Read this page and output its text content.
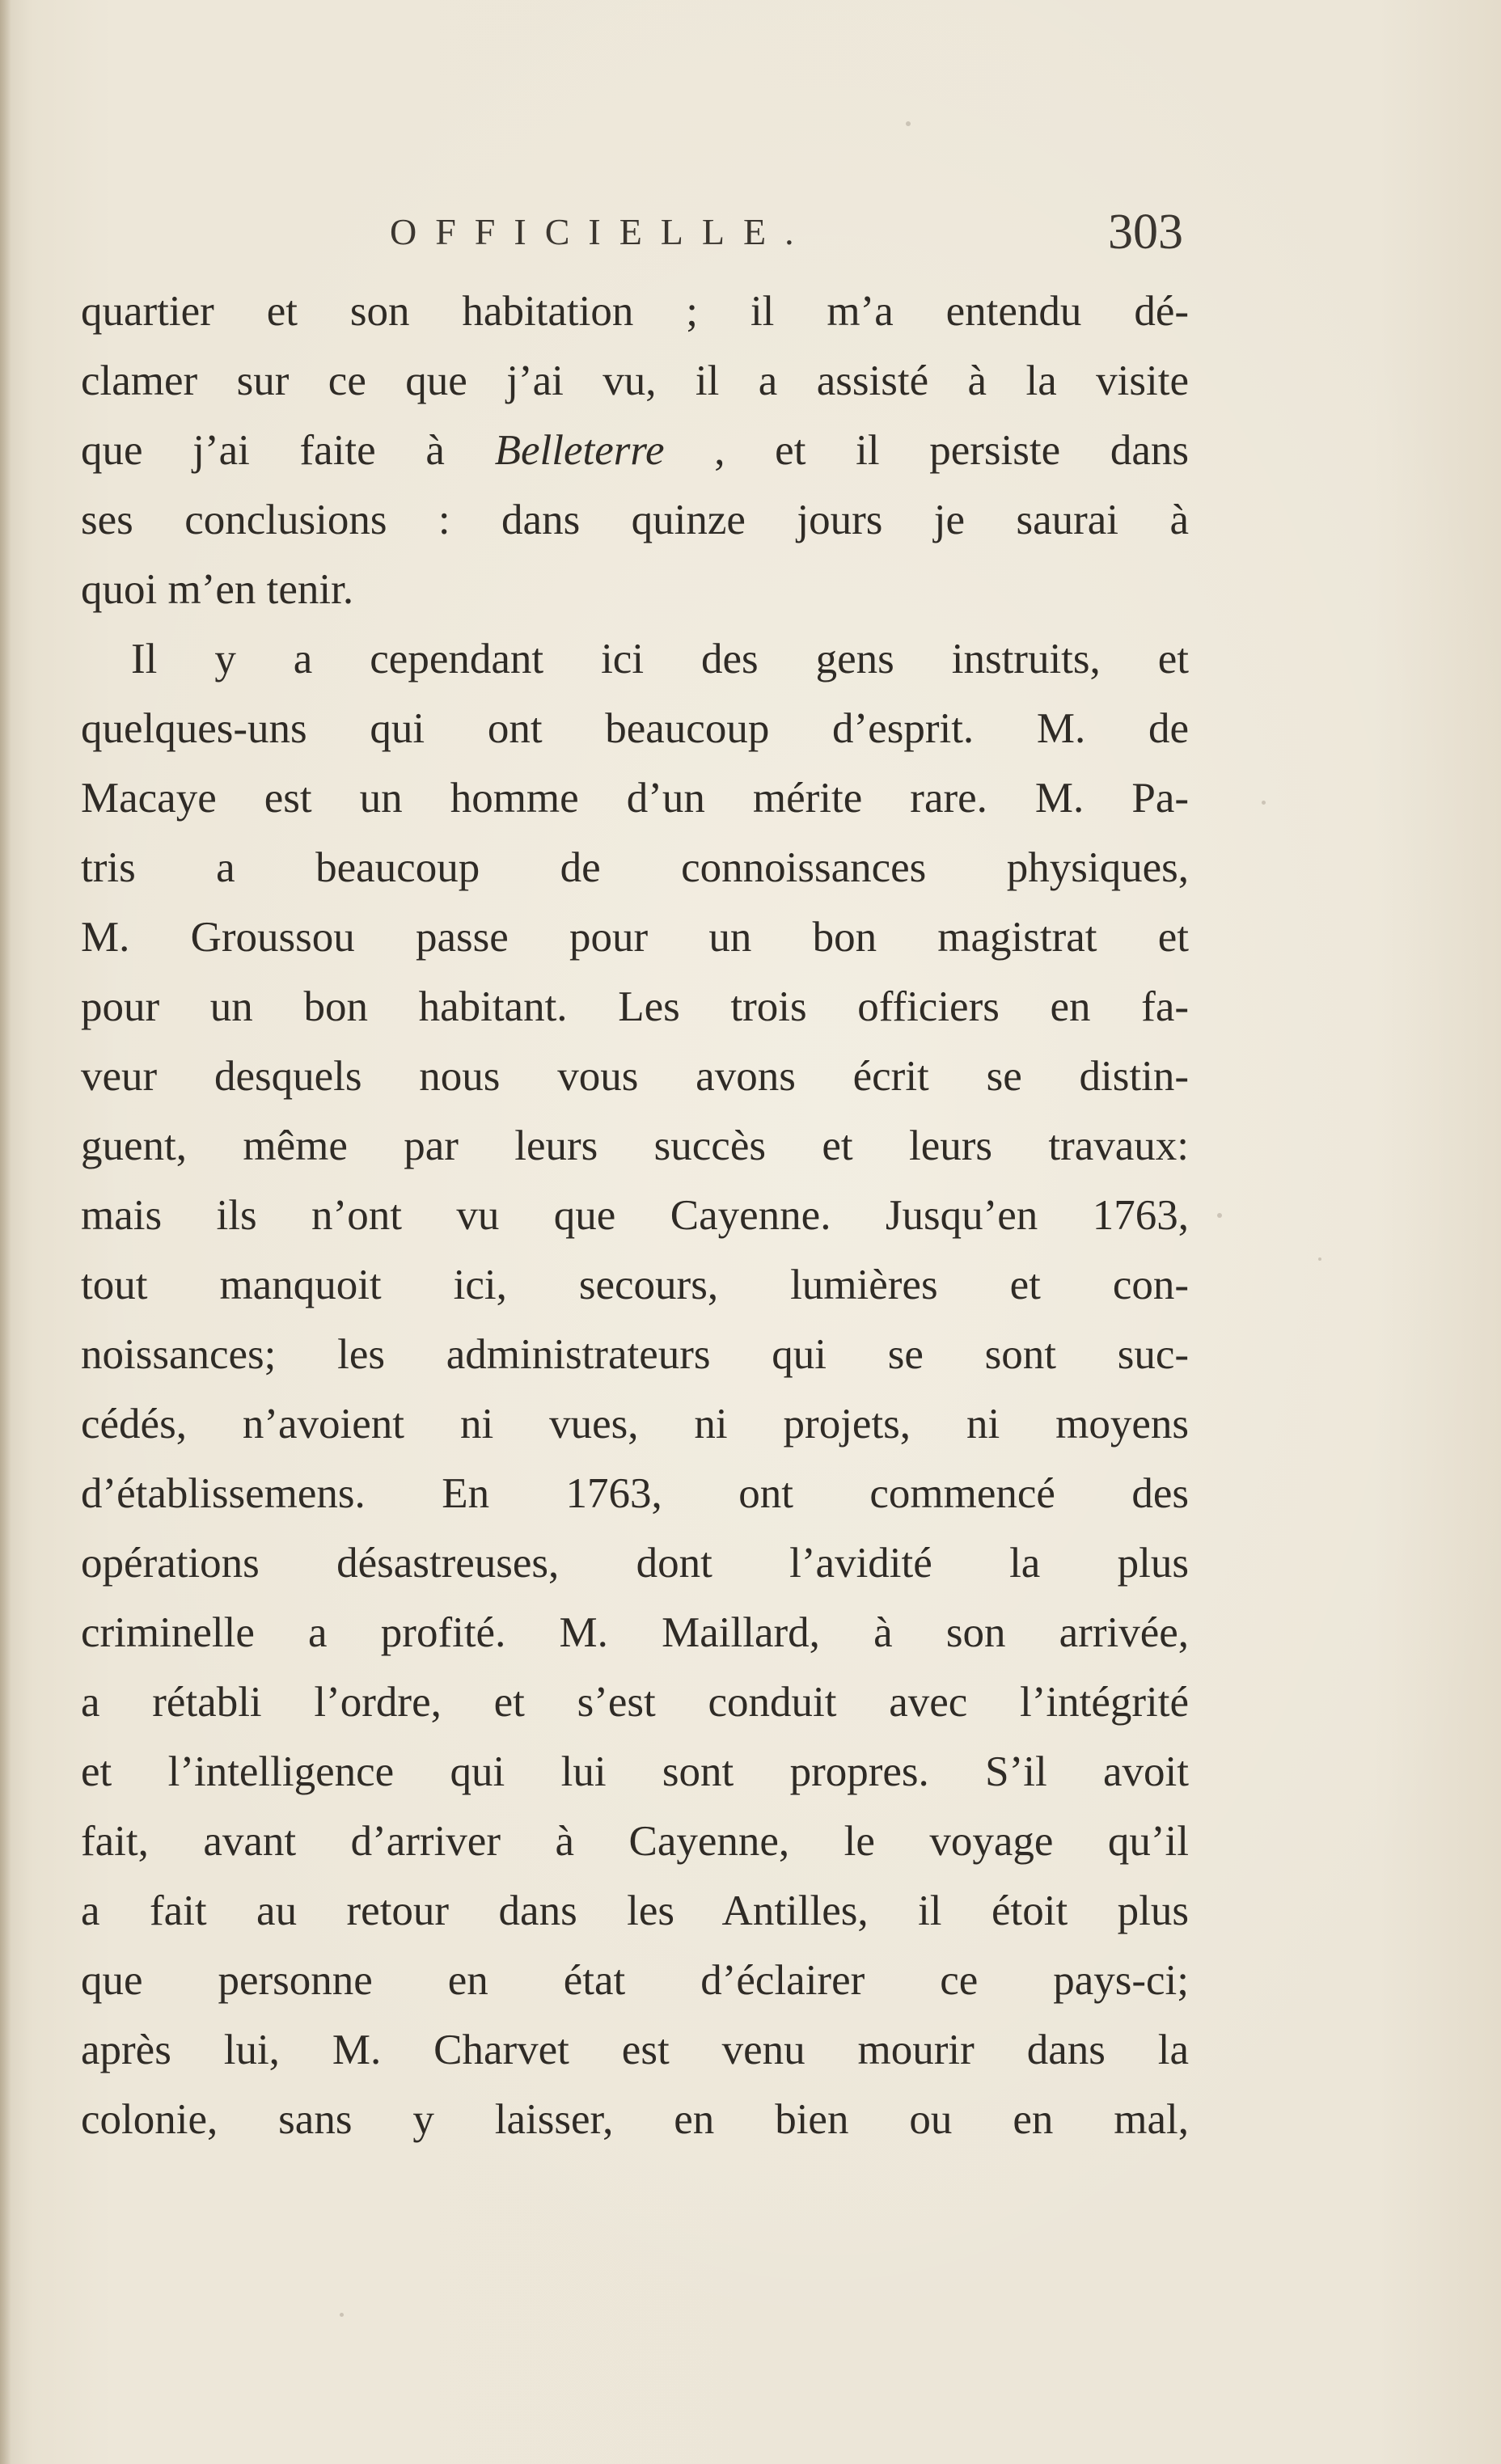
OFFICIELLE.	303
quartier et son habitation ; il m’a entendu dé-
clamer sur ce que j’ai vu, il a assisté à la visite
que j’ai faite à Belleterre , et il persiste dans
ses conclusions : dans quinze jours je saurai à
quoi m’en tenir.
Il y a cependant ici des gens instruits, et
quelques-uns qui ont beaucoup d’esprit. M. de
Macaye est un homme d’un mérite rare. M. Pa-
tris a beaucoup de connoissances physiques,
M. Groussou passe pour un bon magistrat et
pour un bon habitant. Les trois officiers en fa-
veur desquels nous vous avons écrit se distin-
guent, même par leurs succès et leurs travaux:
mais ils n’ont vu que Cayenne. Jusqu’en 1763,
tout manquoit ici, secours, lumières et con-
noissances; les administrateurs qui se sont suc-
cédés, n’avoient ni vues, ni projets, ni moyens
d’établissemens. En 1763, ont commencé des
opérations désastreuses, dont l’avidité la plus
criminelle a profité. M. Maillard, à son arrivée,
a rétabli l’ordre, et s’est conduit avec l’intégrité
et l’intelligence qui lui sont propres. S’il avoit
fait, avant d’arriver à Cayenne, le voyage qu’il
a fait au retour dans les Antilles, il étoit plus
que personne en état d’éclairer ce pays-ci;
après lui, M. Charvet est venu mourir dans la
colonie, sans y laisser, en bien ou en mal,
